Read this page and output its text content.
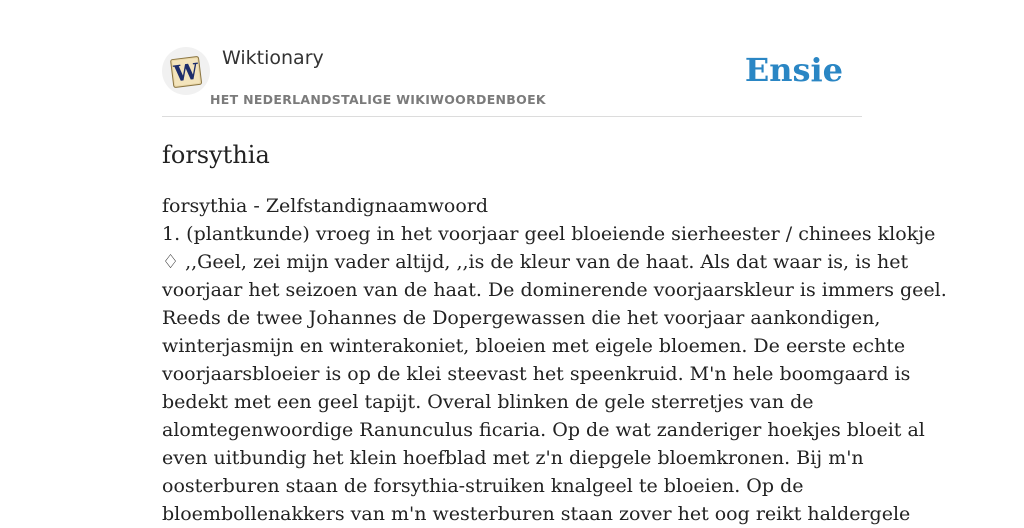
W
Wiktionary
HET NEDERLANDSTALIGE WIKIWOORDENBOEK
Ensie
forsythia
forsythia - Zelfstandignaamwoord
1. (plantkunde) vroeg in het voorjaar geel bloeiende sierheester / chinees klokje
♢ ,,Geel, zei mijn vader altijd, ,,is de kleur van de haat. Als dat waar is, is het
voorjaar het seizoen van de haat. De dominerende voorjaarskleur is immers geel.
Reeds de twee Johannes de Dopergewassen die het voorjaar aankondigen,
winterjasmijn en winterakoniet, bloeien met eigele bloemen. De eerste echte
voorjaarsbloeier is op de klei steevast het speenkruid. M'n hele boomgaard is
bedekt met een geel tapijt. Overal blinken de gele sterretjes van de
alomtegenwoordige Ranunculus ficaria. Op de wat zanderiger hoekjes bloeit al
even uitbundig het klein hoefblad met z'n diepgele bloemkronen. Bij m'n
oosterburen staan de forsythia-struiken knalgeel te bloeien. Op de
bloembollenakkers van m'n westerburen staan zover het oog reikt haldergele
